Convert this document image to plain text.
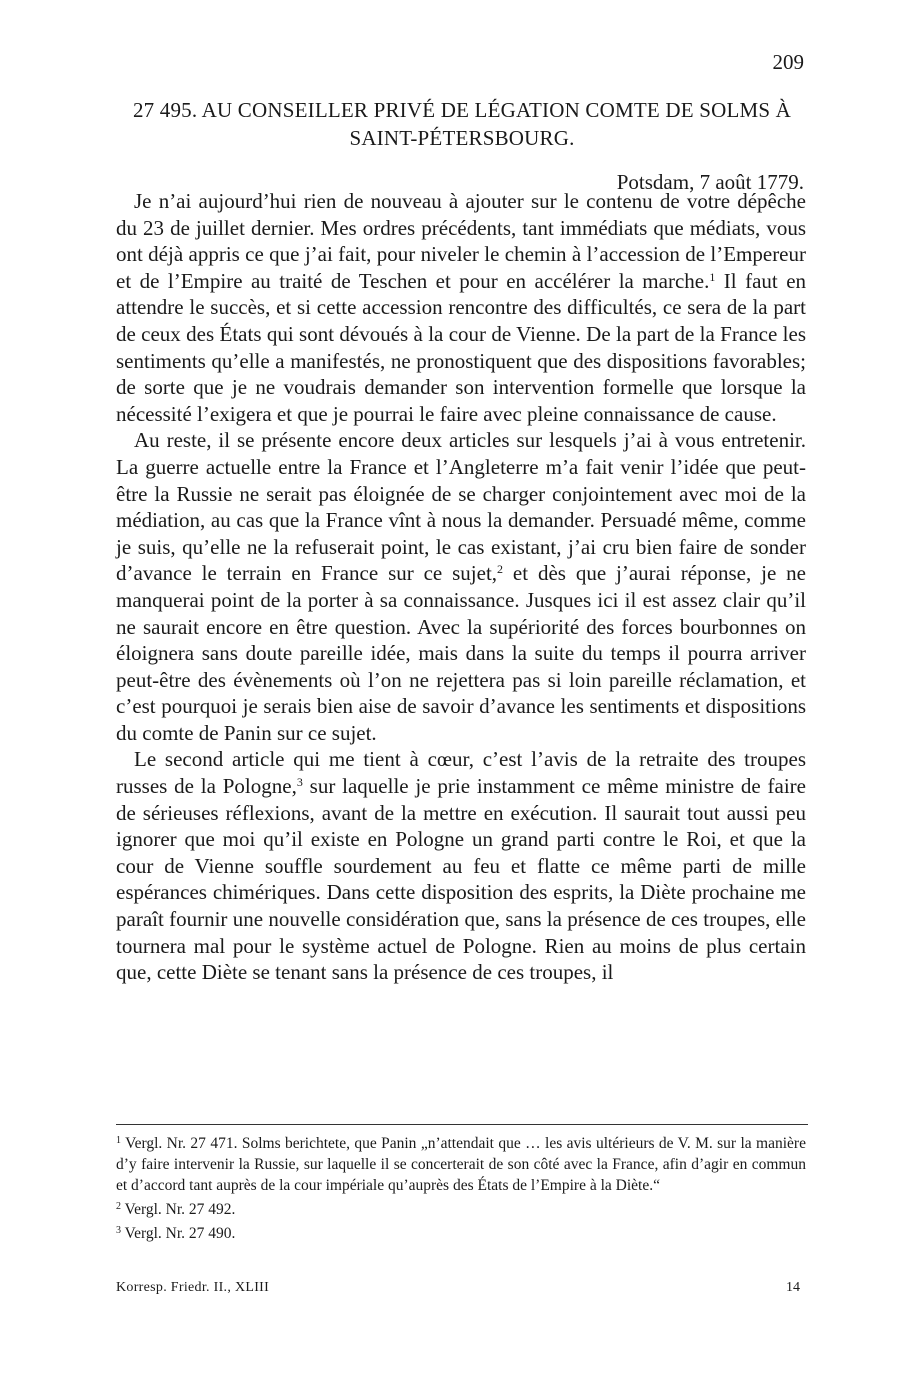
209
27 495. AU CONSEILLER PRIVÉ DE LÉGATION COMTE DE SOLMS À SAINT-PÉTERSBOURG.
Potsdam, 7 août 1779.

Je n’ai aujourd’hui rien de nouveau à ajouter sur le contenu de votre dépêche du 23 de juillet dernier. Mes ordres précédents, tant immédiats que médiats, vous ont déjà appris ce que j’ai fait, pour niveler le chemin à l’accession de l’Empereur et de l’Empire au traité de Teschen et pour en accélérer la marche.$^1$ Il faut en attendre le succès, et si cette accession rencontre des difficultés, ce sera de la part de ceux des États qui sont dévoués à la cour de Vienne. De la part de la France les sentiments qu’elle a manifestés, ne pronostiquent que des dispositions favorables; de sorte que je ne voudrais demander son intervention formelle que lorsque la nécessité l’exigera et que je pourrai le faire avec pleine connaissance de cause.

Au reste, il se présente encore deux articles sur lesquels j’ai à vous entretenir. La guerre actuelle entre la France et l’Angleterre m’a fait venir l’idée que peut-être la Russie ne serait pas éloignée de se charger conjointement avec moi de la médiation, au cas que la France vînt à nous la demander. Persuadé même, comme je suis, qu’elle ne la refuserait point, le cas existant, j’ai cru bien faire de sonder d’avance le terrain en France sur ce sujet,$^2$ et dès que j’aurai réponse, je ne manquerai point de la porter à sa connaissance. Jusques ici il est assez clair qu’il ne saurait encore en être question. Avec la supériorité des forces bourbonnes on éloignera sans doute pareille idée, mais dans la suite du temps il pourra arriver peut-être des évènements où l’on ne rejettera pas si loin pareille réclamation, et c’est pourquoi je serais bien aise de savoir d’avance les sentiments et dispositions du comte de Panin sur ce sujet.

Le second article qui me tient à cœur, c’est l’avis de la retraite des troupes russes de la Pologne,$^3$ sur laquelle je prie instamment ce même ministre de faire de sérieuses réflexions, avant de la mettre en exécution. Il saurait tout aussi peu ignorer que moi qu’il existe en Pologne un grand parti contre le Roi, et que la cour de Vienne souffle sourdement au feu et flatte ce même parti de mille espérances chimériques. Dans cette disposition des esprits, la Diète prochaine me paraît fournir une nouvelle considération que, sans la présence de ces troupes, elle tournera mal pour le système actuel de Pologne. Rien au moins de plus certain que, cette Diète se tenant sans la présence de ces troupes, il

$^1$ Vergl. Nr. 27 471. Solms berichtete, que Panin „n’attendait que … les avis ultérieurs de V. M. sur la manière d’y faire intervenir la Russie, sur laquelle il se concerterait de son côté avec la France, afin d’agir en commun et d’accord tant auprès de la cour impériale qu’auprès des États de l’Empire à la Diète.“

$^2$ Vergl. Nr. 27 492.

$^3$ Vergl. Nr. 27 490.

Korresp. Friedr. II., XLIII	14
